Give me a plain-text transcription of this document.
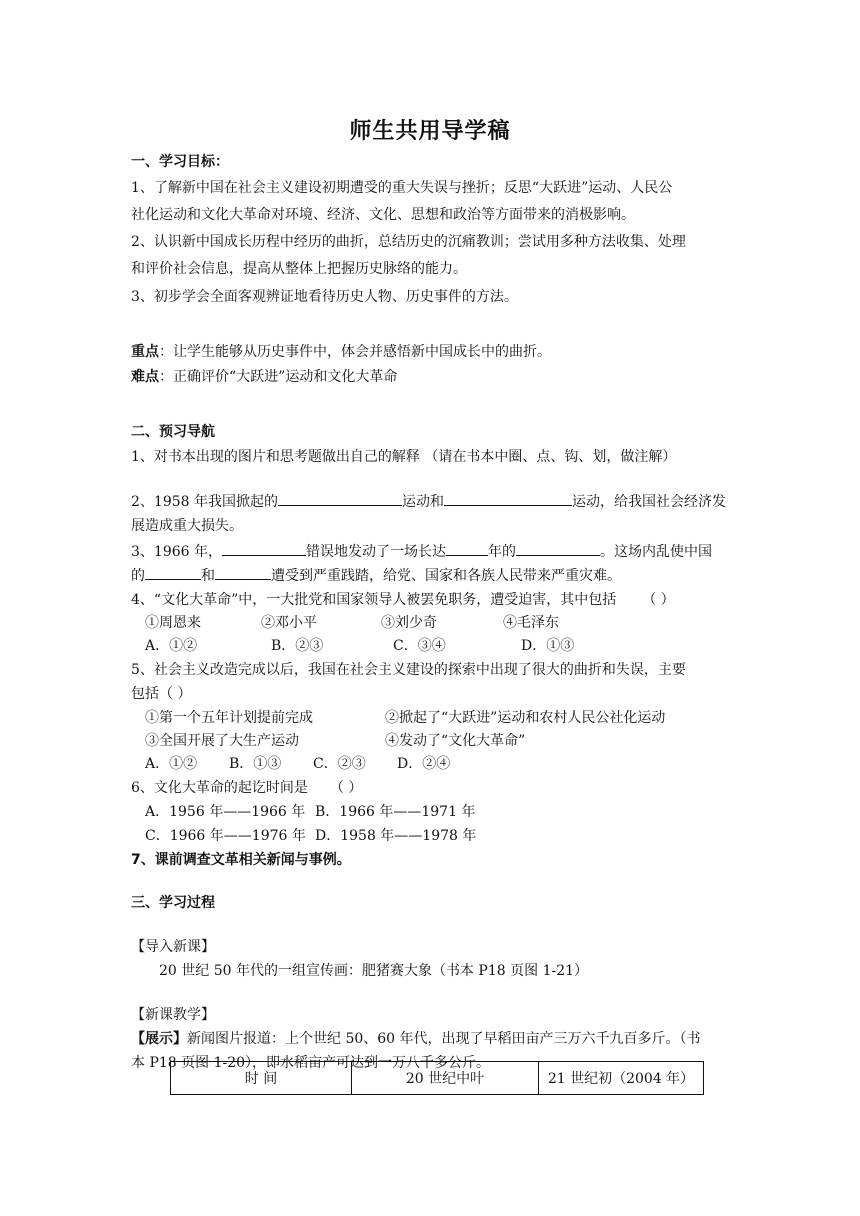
师生共用导学稿
一、学习目标：
1、了解新中国在社会主义建设初期遭受的重大失误与挫折；反思“大跃进”运动、人民公
社化运动和文化大革命对环境、经济、文化、思想和政治等方面带来的消极影响。
2、认识新中国成长历程中经历的曲折，总结历史的沉痛教训；尝试用多种方法收集、处理
和评价社会信息，提高从整体上把握历史脉络的能力。
3、初步学会全面客观辨证地看待历史人物、历史事件的方法。
重点：让学生能够从历史事件中，体会并感悟新中国成长中的曲折。
难点：正确评价“大跃进”运动和文化大革命
二、预习导航
1、对书本出现的图片和思考题做出自己的解释 （请在书本中圈、点、钩、划，做注解）
2、1958 年我国掀起的	运动和	运动，给我国社会经济发
展造成重大损失。
3、1966 年，	错误地发动了一场长达	年的	。这场内乱使中国
的	和	遭受到严重践踏，给党、国家和各族人民带来严重灾难。
4、“文化大革命”中，一大批党和国家领导人被罢免职务，遭受迫害，其中包括 （ ）
①周恩来	②邓小平	③刘少奇	④毛泽东
A．①②	B．②③	C．③④	D．①③
5、社会主义改造完成以后，我国在社会主义建设的探索中出现了很大的曲折和失误，主要
包括（ ）
①第一个五年计划提前完成	②掀起了“大跃进”运动和农村人民公社化运动
③全国开展了大生产运动	④发动了“文化大革命”
A．①② B．①③ C．②③ D．②④
6、文化大革命的起讫时间是 （ ）
A．1956 年——1966 年 B．1966 年——1971 年
C．1966 年——1976 年 D．1958 年——1978 年
7、课前调查文革相关新闻与事例。
三、学习过程
【导入新课】
20 世纪 50 年代的一组宣传画：肥猪赛大象（书本 P18 页图 1-21）
【新课教学】
【展示】新闻图片报道：上个世纪 50、60 年代，出现了早稻田亩产三万六千九百多斤。（书
本 P18 页图 1-20），即水稻亩产可达到一万八千多公斤。
时 间	20 世纪中叶	21 世纪初（2004 年）
